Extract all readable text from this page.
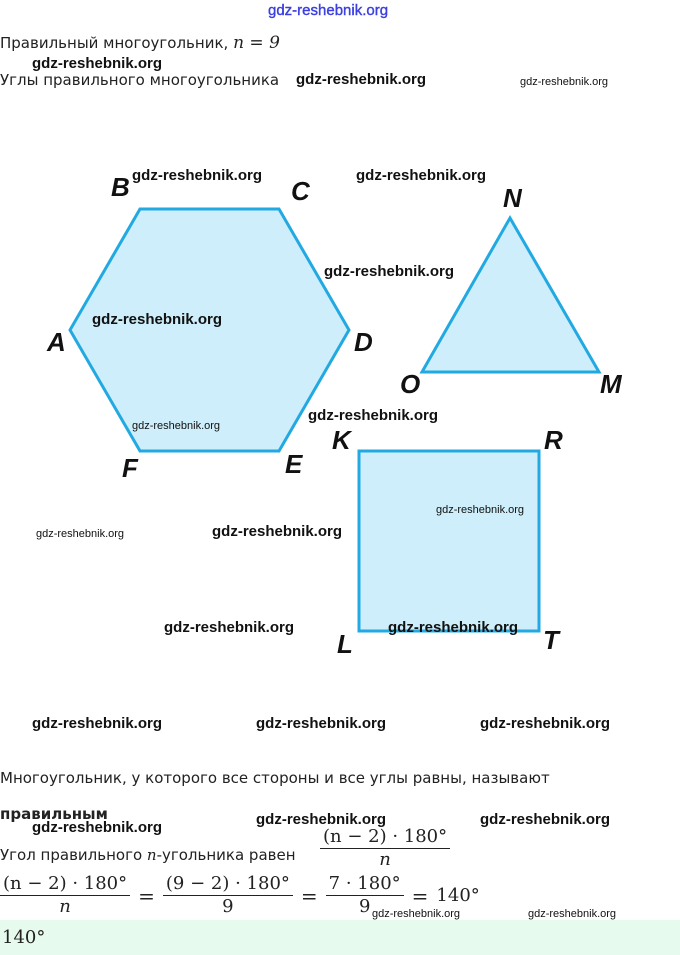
gdz-reshebnik.org
Правильный многоугольник, n = 9
gdz-reshebnik.org
Углы правильного многоугольника gdz-reshebnik.org	gdz-reshebnik.org
A
B	C
D
E
F
N
M
O
K	R
T
L
gdz-reshebnik.org	gdz-reshebnik.org
gdz-reshebnik.org
gdz-reshebnik.org
gdz-reshebnik.org
gdz-reshebnik.org
gdz-reshebnik.org
gdz-reshebnik.org	gdz-reshebnik.org
gdz-reshebnik.org	gdz-reshebnik.org
gdz-reshebnik.org	gdz-reshebnik.org	gdz-reshebnik.org
Многоугольник, у которого все стороны и все углы равны, называют
правильным
gdz-reshebnik.org	gdz-reshebnik.org	gdz-reshebnik.org
Угол правильного n-угольника равен $\frac{(n - 2) \cdot 180^\circ}{n}$
$\frac{(n - 2) \cdot 180^\circ}{n} = \frac{(9 - 2) \cdot 180^\circ}{9} = \frac{7 \cdot 180^\circ}{9} = 140^\circ$
gdz-reshebnik.org	gdz-reshebnik.org
140°
